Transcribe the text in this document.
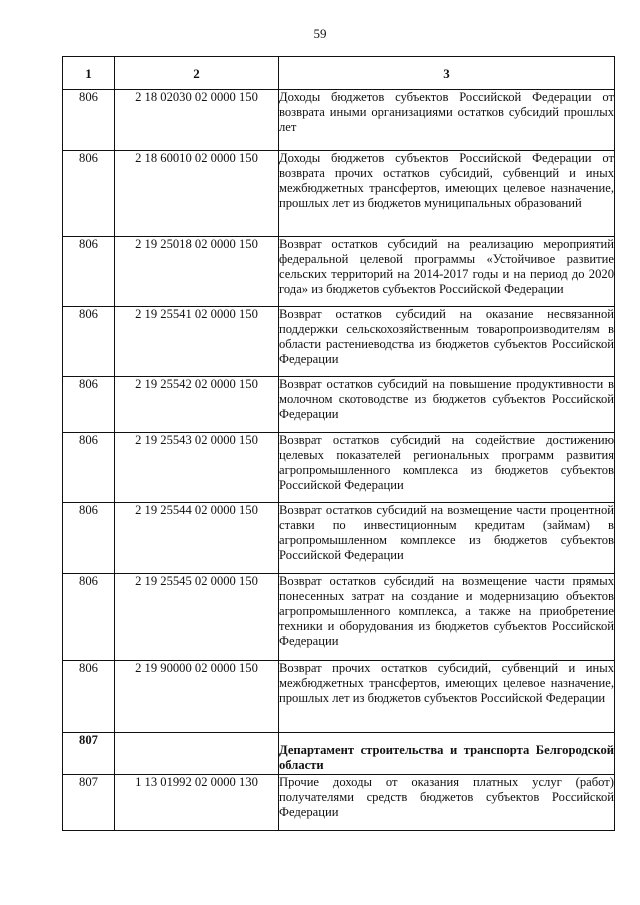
59
1	2	3
806	2 18 02030 02 0000 150	Доходы бюджетов субъектов Российской Федерации от возврата иными организациями остатков субсидий прошлых лет
806	2 18 60010 02 0000 150	Доходы бюджетов субъектов Российской Федерации от возврата прочих остатков субсидий, субвенций и иных межбюджетных трансфертов, имеющих целевое назначение, прошлых лет из бюджетов муниципальных образований
806	2 19 25018 02 0000 150	Возврат остатков субсидий на реализацию мероприятий федеральной целевой программы «Устойчивое развитие сельских территорий на 2014-2017 годы и на период до 2020 года» из бюджетов субъектов Российской Федерации
806	2 19 25541 02 0000 150	Возврат остатков субсидий на оказание несвязанной поддержки сельскохозяйственным товаропроизводителям в области растениеводства из бюджетов субъектов Российской Федерации
806	2 19 25542 02 0000 150	Возврат остатков субсидий на повышение продуктивности в молочном скотоводстве из бюджетов субъектов Российской Федерации
806	2 19 25543 02 0000 150	Возврат остатков субсидий на содействие достижению целевых показателей региональных программ развития агропромышленного комплекса из бюджетов субъектов Российской Федерации
806	2 19 25544 02 0000 150	Возврат остатков субсидий на возмещение части процентной ставки по инвестиционным кредитам (займам) в агропромышленном комплексе из бюджетов субъектов Российской Федерации
806	2 19 25545 02 0000 150	Возврат остатков субсидий на возмещение части прямых понесенных затрат на создание и модернизацию объектов агропромышленного комплекса, а также на приобретение техники и оборудования из бюджетов субъектов Российской Федерации
806	2 19 90000 02 0000 150	Возврат прочих остатков субсидий, субвенций и иных межбюджетных трансфертов, имеющих целевое назначение, прошлых лет из бюджетов субъектов Российской Федерации
807		Департамент строительства и транспорта Белгородской области
807	1 13 01992 02 0000 130	Прочие доходы от оказания платных услуг (работ) получателями средств бюджетов субъектов Российской Федерации
